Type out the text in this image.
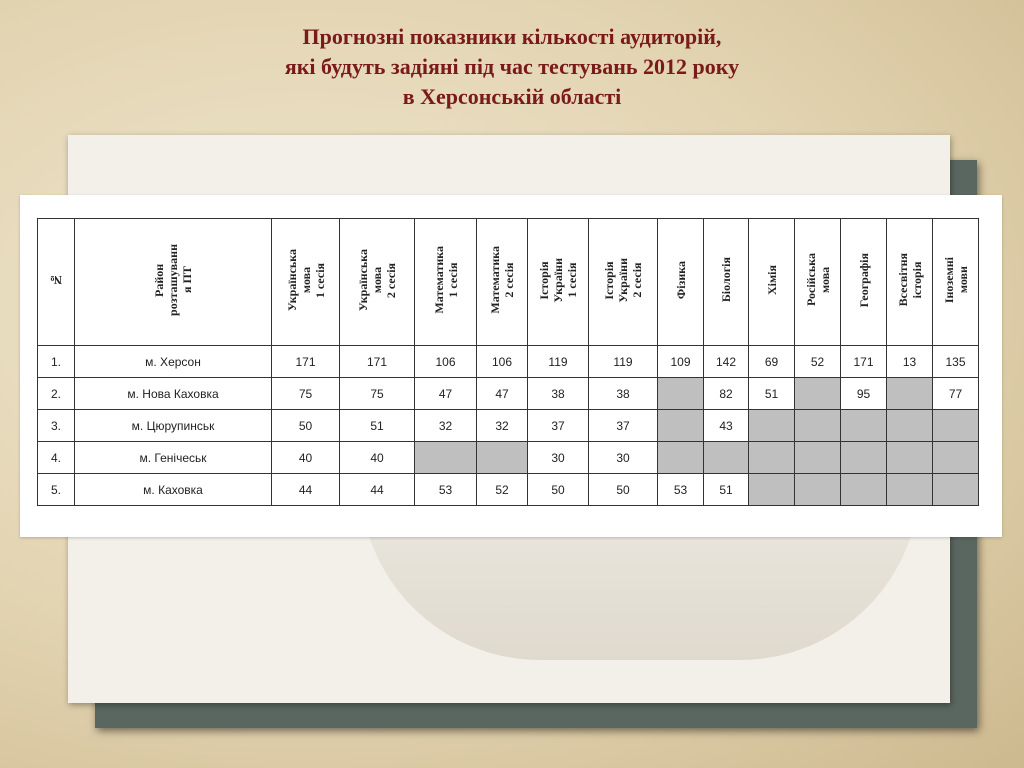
Прогнозні показники кількості аудиторій,
які будуть задіяні під час тестувань 2012 року
в Херсонській області
№	Район
розташуванн
я ПТ	Українська
мова
1 сесія	Українська
мова
2 сесія	Математика
1 сесія	Математика
2 сесія	Історія
України
1 сесія	Історія
України
2 сесія	Фізика	Біологія	Хімія	Російська
мова	Географія	Всесвітня
історія	Іноземні
мови
1.	м. Херсон	171	171	106	106	119	119	109	142	69	52	171	13	135
2.	м. Нова Каховка	75	75	47	47	38	38		82	51		95		77
3.	м. Цюрупинськ	50	51	32	32	37	37		43					
4.	м. Генічеськ	40	40			30	30							
5.	м. Каховка	44	44	53	52	50	50	53	51					
